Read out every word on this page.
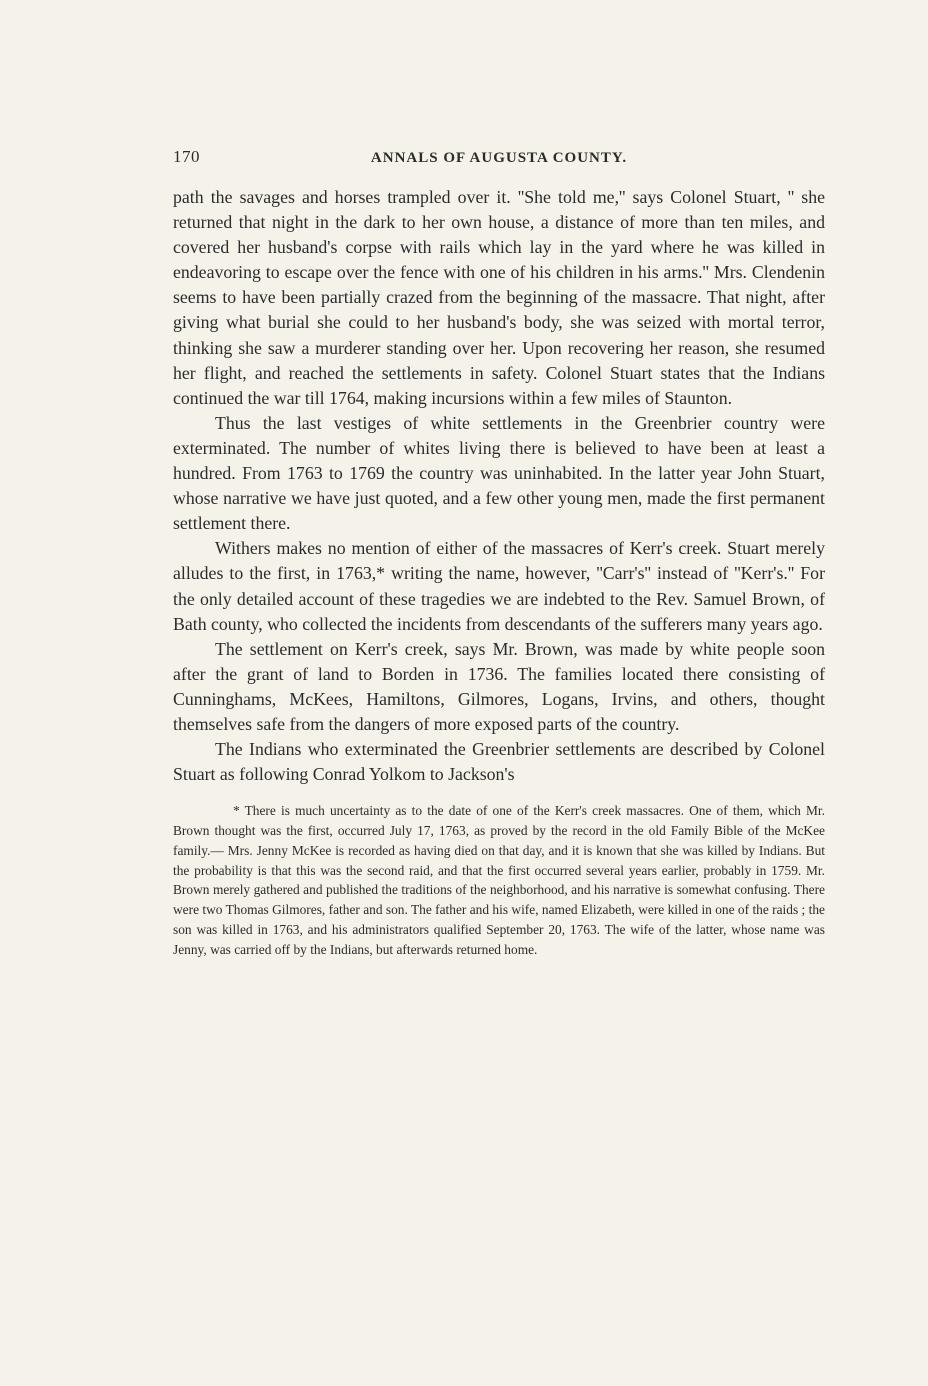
170	ANNALS OF AUGUSTA COUNTY.

path the savages and horses trampled over it. ''She told me,'' says Colonel Stuart, '' she returned that night in the dark to her own house, a distance of more than ten miles, and covered her husband's corpse with rails which lay in the yard where he was killed in endeavoring to escape over the fence with one of his children in his arms.'' Mrs. Clendenin seems to have been partially crazed from the beginning of the massacre. That night, after giving what burial she could to her husband's body, she was seized with mortal terror, thinking she saw a murderer standing over her. Upon recovering her reason, she resumed her flight, and reached the settlements in safety. Colonel Stuart states that the Indians continued the war till 1764, making incursions within a few miles of Staunton.

Thus the last vestiges of white settlements in the Greenbrier country were exterminated. The number of whites living there is believed to have been at least a hundred. From 1763 to 1769 the country was uninhabited. In the latter year John Stuart, whose narrative we have just quoted, and a few other young men, made the first permanent settlement there.

Withers makes no mention of either of the massacres of Kerr's creek. Stuart merely alludes to the first, in 1763,* writing the name, however, ''Carr's'' instead of ''Kerr's.'' For the only detailed account of these tragedies we are indebted to the Rev. Samuel Brown, of Bath county, who collected the incidents from descendants of the sufferers many years ago.

The settlement on Kerr's creek, says Mr. Brown, was made by white people soon after the grant of land to Borden in 1736. The families located there consisting of Cunninghams, McKees, Hamiltons, Gilmores, Logans, Irvins, and others, thought themselves safe from the dangers of more exposed parts of the country.

The Indians who exterminated the Greenbrier settlements are described by Colonel Stuart as following Conrad Yolkom to Jackson's

* There is much uncertainty as to the date of one of the Kerr's creek massacres. One of them, which Mr. Brown thought was the first, occurred July 17, 1763, as proved by the record in the old Family Bible of the McKee family.— Mrs. Jenny McKee is recorded as having died on that day, and it is known that she was killed by Indians. But the probability is that this was the second raid, and that the first occurred several years earlier, probably in 1759. Mr. Brown merely gathered and published the traditions of the neighborhood, and his narrative is somewhat confusing. There were two Thomas Gilmores, father and son. The father and his wife, named Elizabeth, were killed in one of the raids ; the son was killed in 1763, and his administrators qualified September 20, 1763. The wife of the latter, whose name was Jenny, was carried off by the Indians, but afterwards returned home.
